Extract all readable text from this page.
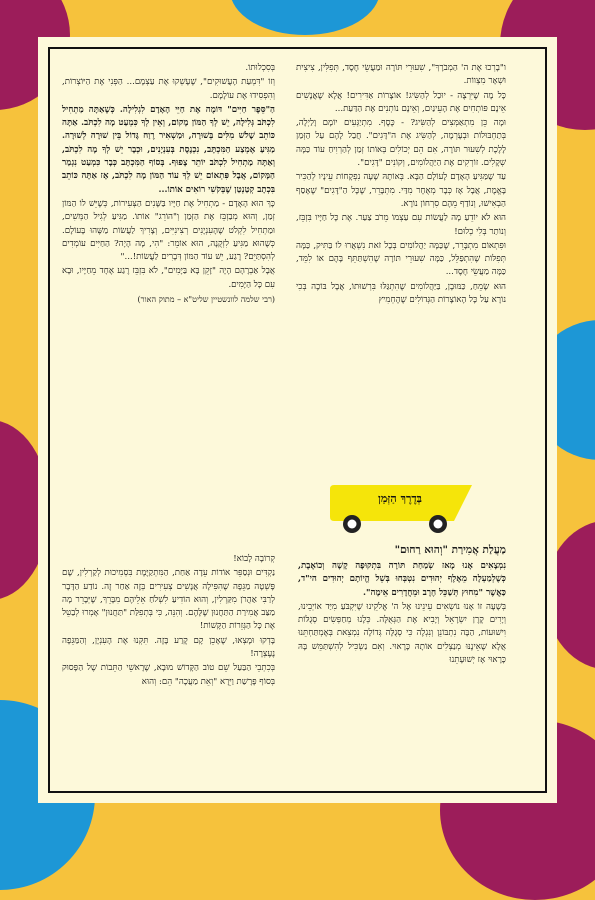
ו"בָרְכוּ אֶת ה' הַמְבֹרָךְ", שִׁעוּרֵי תּוֹרָה וּמַעֲשֵׂי חֶסֶד, תְּפִלִּין, צִיצִית וּשְׁאָר מִצְווֹת.

כָּל מָה שֶׁיִּרְצֶה - יוּכַל לְהַשִּׂיג! אוֹצָרוֹת אַדִּירִים! אֲלָא שֶׁאֲנָשִׁים אֵינָם פּוֹתְחִים אֶת הָעֵינַיִם, וְאֵינָם נוֹתְנִים אֶת הַדַּעַת...

וּמָה כֵּן מִתְאַמְּצִים לְהַשִּׂיג? - כֶּסֶף. מִתְיַגְּעִים יוֹמָם וָלַיְלָה, בְּתַחְבּוּלוֹת וּבְעָרְמָה, לְהַשִּׂיג אֶת ה"דָּגִים". חֲבַל לָהֶם עַל הַזְּמַן לָלֶכֶת לְשִׁעוּר תּוֹרָה, אִם הֵם יְכוֹלִים בְּאוֹתוֹ זְמַן לְהַרְוִיחַ עוֹד כַּמָּה שְׁקָלִים. זוֹרְקִים אֶת הַיַּהֲלוֹמִים, וְקוֹנִים "דָּגִים".

עַד שֶׁמַּגִּיעַ הָאָדָם לָעוֹלָם הַבָּא. בְּאוֹתָהּ שָׁעָה נִפְקָחוֹת עֵינָיו לְהַכִּיר בָּאֱמֶת, אֲבָל אָז כְּבָר מְאֻחָר מִדַּי. מִתְבָּרֵר, שֶׁכָּל הַ"דָּגִים" שֶׁאָסַף הַבְאִישׁוּ, וְנוֹדַף מֵהֶם סִרְחוֹן נוֹרָא.

הוּא לֹא יוֹדֵעַ מָה לַעֲשׂוֹת עִם עַצְמוֹ מֵרֹב צַעַר. אֶת כָּל חַיָּיו בִּזְבֵּז, וְנוֹתַר בְּלִי כְלוּם!

וּפִתְאוֹם מִתְבָּרֵר, שֶׁכַּמָּה יַהֲלוֹמִים בְּכָל זֹאת נִשְׁאֲרוּ לוֹ בַּתִּיק, כַּמָּה תְּפִלּוֹת שֶׁהִתְפַּלֵּל, כַּמָּה שִׁעוּרֵי תּוֹרָה שֶׁהִשְׁתַּתֵּף בָּהֶם אוֹ לִמֵּד, כַּמָּה מַעֲשֵׂי חֶסֶד...

הוּא שָׂמֵחַ, כַּמּוּבָן, בַּיַּהֲלוֹמִים שֶׁהִתְגַּלּוּ בִּרְשׁוּתוֹ, אֲבָל בּוֹכֶה בְּכִי נוֹרָא עַל כָּל הָאוֹצָרוֹת הַגְּדוֹלִים שֶׁהֶחְמִיץ

בְּסִכְלוּתוֹ.

וְזוֹ "דִּמְעַת הָעֲשׁוּקִים", שֶׁעָשְׁקוּ אֶת עַצְמָם... הַפְּנִי אֶת הַיּוֹצְרוֹת, וְהִפְסִידוּ אֶת עוֹלָמָם.

הַ"סֵּפֶר חַיִּים" דּוֹמֶה אֶת חַיֵּי הָאָדָם לִגְלִילָה. כְּשֶׁאַתָּה מַתְחִיל לִכְתֹּב גְּלִילָה, יֵשׁ לְךָ הַמּוֹן מָקוֹם, וְאֵין לְךָ כִּמְעַט מָה לִכְתֹּב. אַתָּה כּוֹתֵב שָׁלֹשׁ מִלִּים בְּשׁוּרָה, וּמַשְׁאִיר רֶוַח גָּדוֹל בֵּין שׁוּרָה לְשׁוּרָה. מַגִּיעַ אֶמְצַע הַמִּכְתָּב, נִכְנֶסֶת בְּעִנְיָנִים, וּכְבָר יֵשׁ לְךָ מָה לִכְתֹּב, וְאַתָּה מַתְחִיל לִכְתֹּב יוֹתֵר צָפוּף. בְּסוֹף הַמִּכְתָּב כְּבָר כִּמְעַט נִגְמַר הַמָּקוֹם, אֲבָל פִּתְאוֹם יֵשׁ לְךָ עוֹד הַמּוֹן מָה לִכְתֹּב, אָז אַתָּה כּוֹתֵב בִּכְתָב קְטַנְטַן שֶׁבְּקֹשִׁי רוֹאִים אוֹתוֹ...

כָּךְ הוּא הָאָדָם - מַתְחִיל אֶת חַיָּיו בַּשָּׁנִים הַצְּעִירוֹת, כְּשֶׁיֵּשׁ לוֹ הַמּוֹן זְמַן, וְהוּא מְבַזְבֵּז אֶת הַזְּמַן וְ"הוֹרֵג" אוֹתוֹ. מַגִּיעַ לְגִיל הַמְּשִׁים, וּמַתְחִיל לִקְלֹט שֶׁהָעִנְיָנִים רְצִינִיִּים, וְצָרִיךְ לַעֲשׂוֹת מַשֶּׁהוּ בָּעוֹלָם. כְּשֶׁהוּא מַגִּיעַ לִזְקֻנָה, הוּא אוֹמֵר: "הִי, מָה הָיָה? הַחַיִּים עוֹמְדִים לְהִסְתַּיֵּם? רֶגַע, יֵשׁ עוֹד הַמּוֹן דְּבָרִים לַעֲשׂוֹת!..."

אֲבָל אַבְרָהָם הָיָה "זָקֵן בָּא בַּיָּמִים", לֹא בִּזְבֵּז רֶגַע אֶחָד מֵחַיָּיו, וּבָא עִם כָּל הַיָּמִים.

(רבי שלמה לוונשטיין שליט"א – מתוק האור)

בְּדֶרֶךְ הַזְּמַן

מַעֲלַת אֲמִירַת "וְהוּא רַחוּם"

נִמְצָאִים אָנוּ מָאז שְׂמַחַת תּוֹרָה בִּתְקוּפָה קָשָׁה וְכוֹאֶבֶת, כְּשֶׁלְמַעְלָה מֵאֶלֶף יְהוּדִים נִטְבְּחוּ בְּשֵׁל הֱיוֹתָם יְהוּדִים הי"ד, כַּאֲשֶׁר "מִחוּץ תְּשַׁכֵּל חֶרֶב וּמֵחֲדָרִים אֵימָה".

בְּשָׁעָה זוֹ אָנוּ נוֹשְׂאִים עֵינֵינוּ אֶל ה' אֱלֹקֵינוּ שֶׁיִּקְבֹּעַ מִיַּד אוֹיְבֵינוּ, וְיָרִים קֶרֶן יִשְׂרָאֵל וְיָבִיא אֶת הַגְּאֻלָּה. כְּלָנוּ מְחַפְּשִׂים סְגֻלּוֹת וִישׁוּעוֹת, הַבָּה נִתְבּוֹנֵן וְנִגְלֶה כִּי סְגֻלָּה גְּדוֹלָה נִמְצֵאת בְּאֶמְתַּחְתֵּנוּ אֲלָא שֶׁאֵינֶנּוּ מְנַצְּלִים אוֹתָהּ כָּרָאוּי. וְאִם נַשְׂכִּיל לְהִשְׁתַּמֵּשׁ בָּהּ כָּרָאוּי אָז יְשׁוּעָתֵנוּ

קְרוֹבָה לָבוֹא!

נַקְדִּים וּנְסַפֵּר אוֹדוֹת עֵדָה אַחַת, הַמִּתְקַיֶּמֶת בִּסְמִיכוּת לְקַרְלִין, שָׁם פָּשְׁטָה מַגֵּפָה שֶׁהִפִּילָה אֲנָשִׁים צְעִירִים בְּזֶה אַחַר זֶה. נוֹדַע הַדָּבָר לְרַבִּי אַהֲרֹן מִקַּרְלִין, וְהוּא הוֹדִיעַ לִשְׁלֹחַ אֵלֵיהֶם מִבָּרֵךְ, שֶׁיְּבָרֵר מָה מַצַּב אֲמִירַת הַתַּחֲנוּן שֶׁלָּהֶם. וְהִנֵּה, כִּי בְּתְפִלַּת "תַּחֲנוּן" אָמְרוּ לְבַטֵּל אֶת כָּל הַגְּזֵרוֹת הַקָּשׁוֹת!

בָּדְקוּ וּמָצְאוּ, שֶׁאָכֵן קָם קֶרַע בָּזֶה. תִּקְּנוּ אֶת הָעִנְיָן, וְהַמַּגֵּפָה נֶעֶצְרָה!

בְּכִתְבֵי הַבַּעַל שֵׁם טוֹב הַקָּדוֹשׁ מוּבָא, שֶׁרָאשֵׁי הַתֵּבוֹת שֶׁל הַפָּסוּק בְּסוֹף פָּרָשַׁת וַיֵּרָא "וְאֵת מַעֲכָה" הֵם: וְהוּא
